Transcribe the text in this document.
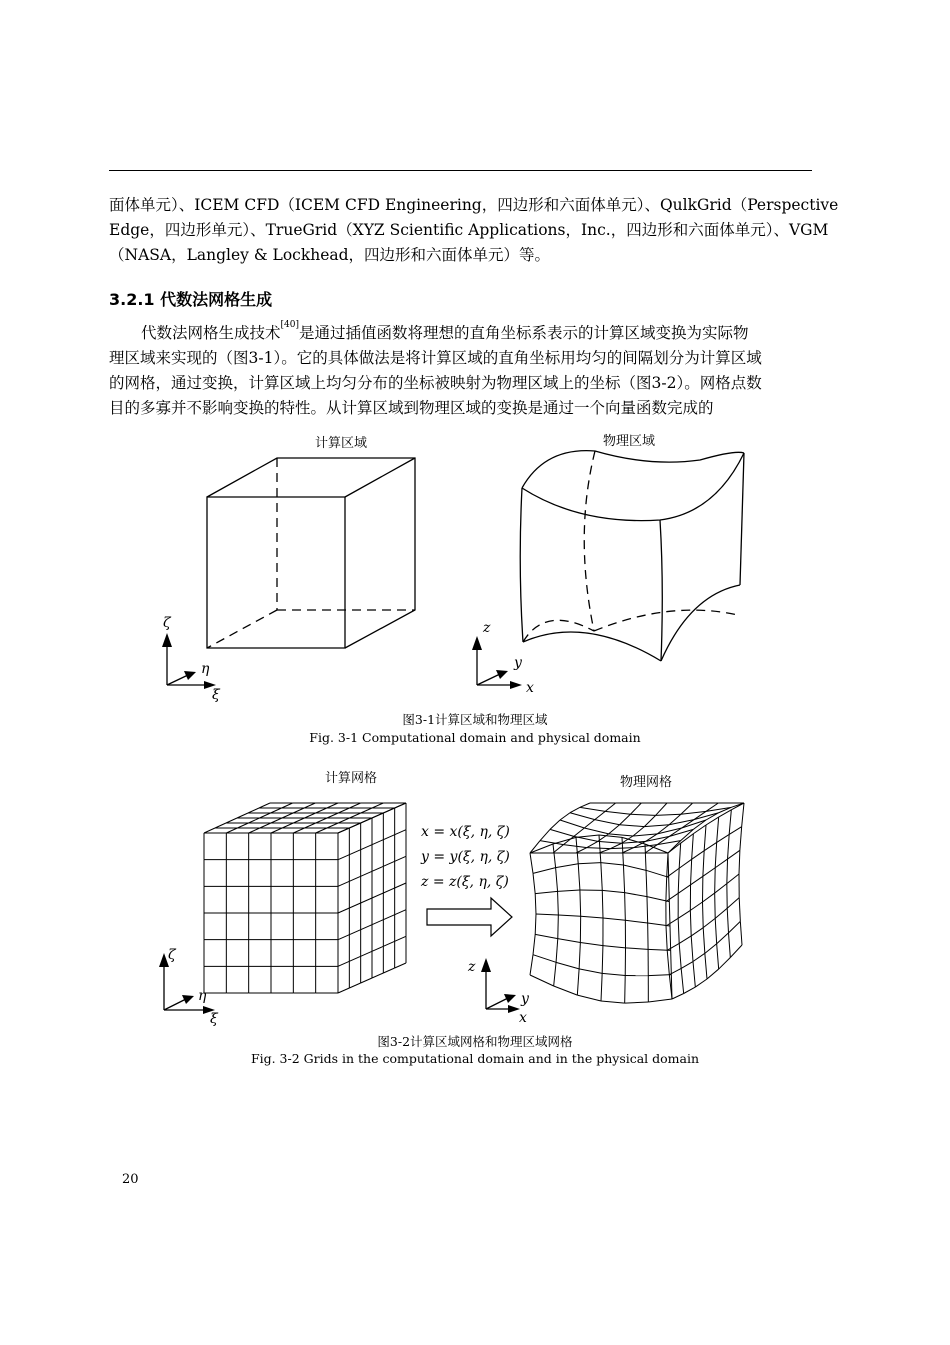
面体单元）、ICEM CFD（ICEM CFD Engineering，四边形和六面体单元）、QulkGrid（Perspective
Edge，四边形单元）、TrueGrid（XYZ Scientific Applications，Inc.，四边形和六面体单元）、VGM
（NASA，Langley & Lockhead，四边形和六面体单元）等。
3.2.1 代数法网格生成
代数法网格生成技术[40]是通过插值函数将理想的直角坐标系表示的计算区域变换为实际物
理区域来实现的（图3-1）。它的具体做法是将计算区域的直角坐标用均匀的间隔划分为计算区域
的网格，通过变换，计算区域上均匀分布的坐标被映射为物理区域上的坐标（图3-2）。网格点数
目的多寡并不影响变换的特性。从计算区域到物理区域的变换是通过一个向量函数完成的
计算区域	物理区域
ζ
η
ξ
z
y
x
图3-1计算区域和物理区域
Fig. 3-1 Computational domain and physical domain
计算网格	物理网格
x = x(ξ, η, ζ)
y = y(ξ, η, ζ)
z = z(ξ, η, ζ)
ζ
η
ξ
z
y
x
图3-2计算区域网格和物理区域网格
Fig. 3-2 Grids in the computational domain and in the physical domain
20
